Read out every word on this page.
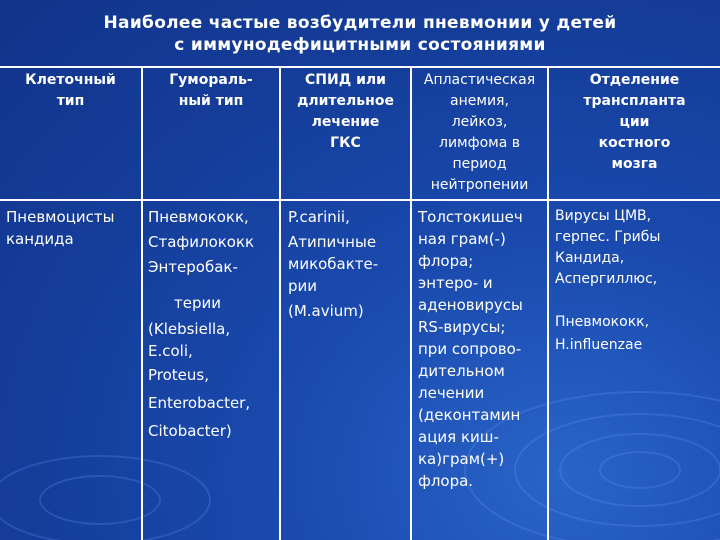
Наиболее частые возбудители пневмонии у детей
с иммунодефицитными состояниями
Клеточный
тип
Гумораль-
ный тип
СПИД или
длительное
лечение
ГКС
Апластическая
анемия,
лейкоз,
лимфома в
период
нейтропении
Отделение
транспланта
ции
костного
мозга
Пневмоцисты
кандида
Пневмококк,
Стафилококк
Энтеробак-
терии
(Klebsiella,
E.coli,
Proteus,
Enterobacter,
Citobacter)
P.carinii,
Атипичные
микобакте-
рии
(M.avium)
Толстокишеч
ная грам(-)
флора;
энтеро- и
аденовирусы
RS-вирусы;
при сопрово-
дительном
лечении
(деконтамин
ация киш-
ка)грам(+)
флора.
Вирусы ЦМВ,
герпес. Грибы
Кандида,
Аспергиллюс,
Пневмококк,
H.influenzae
